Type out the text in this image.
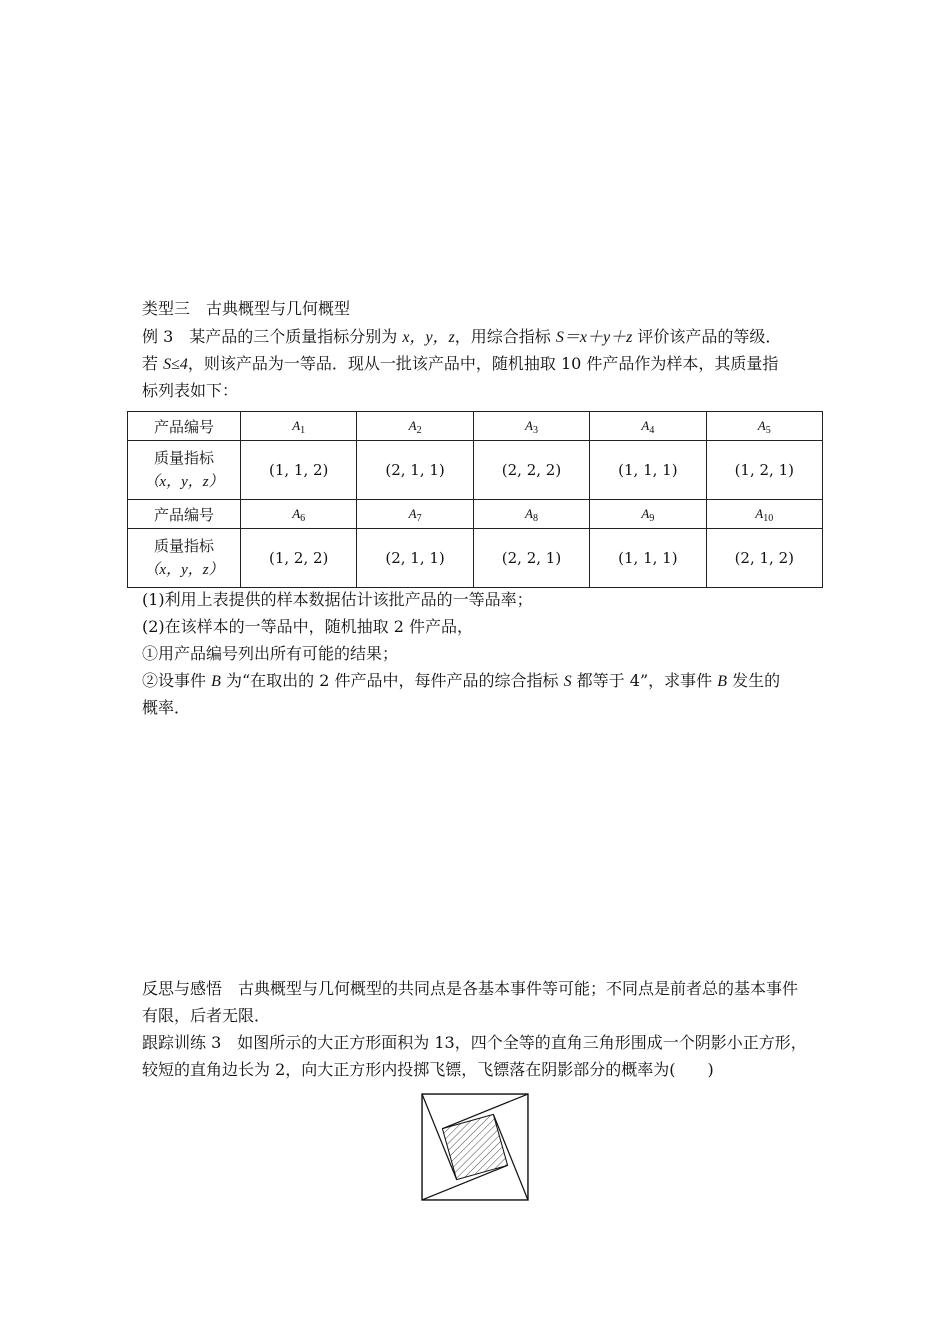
类型三　古典概型与几何概型
例 3　某产品的三个质量指标分别为 x，y，z，用综合指标 S＝x＋y＋z 评价该产品的等级．
若 S≤4，则该产品为一等品．现从一批该产品中，随机抽取 10 件产品作为样本，其质量指
标列表如下：
产品编号	$A_1$	$A_2$	$A_3$	$A_4$	$A_5$

质量指标
（x，y，z）	(1, 1, 2)	(2, 1, 1)	(2, 2, 2)	(1, 1, 1)	(1, 2, 1)
产品编号	$A_6$	$A_7$	$A_8$	$A_9$	$A_{10}$

质量指标
（x，y，z）	(1, 2, 2)	(2, 1, 1)	(2, 2, 1)	(1, 1, 1)	(2, 1, 2)
(1)利用上表提供的样本数据估计该批产品的一等品率；
(2)在该样本的一等品中，随机抽取 2 件产品，
①用产品编号列出所有可能的结果；
②设事件 B 为“在取出的 2 件产品中，每件产品的综合指标 S 都等于 4”，求事件 B 发生的
概率．
反思与感悟　古典概型与几何概型的共同点是各基本事件等可能；不同点是前者总的基本事件
有限，后者无限．
跟踪训练 3　如图所示的大正方形面积为 13，四个全等的直角三角形围成一个阴影小正方形，
较短的直角边长为 2，向大正方形内投掷飞镖，飞镖落在阴影部分的概率为(　　)
